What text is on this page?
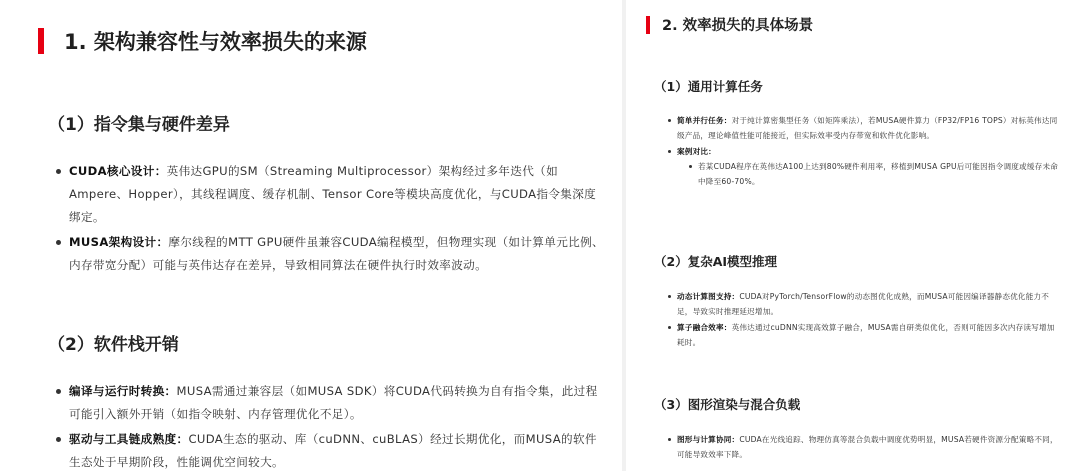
1. 架构兼容性与效率损失的来源
（1）指令集与硬件差异
CUDA核心设计：英伟达GPU的SM（Streaming Multiprocessor）架构经过多年迭代（如Ampere、Hopper），其线程调度、缓存机制、Tensor Core等模块高度优化，与CUDA指令集深度绑定。
MUSA架构设计：摩尔线程的MTT GPU硬件虽兼容CUDA编程模型，但物理实现（如计算单元比例、内存带宽分配）可能与英伟达存在差异，导致相同算法在硬件执行时效率波动。
（2）软件栈开销
编译与运行时转换：MUSA需通过兼容层（如MUSA SDK）将CUDA代码转换为自有指令集，此过程可能引入额外开销（如指令映射、内存管理优化不足）。
驱动与工具链成熟度：CUDA生态的驱动、库（cuDNN、cuBLAS）经过长期优化，而MUSA的软件生态处于早期阶段，性能调优空间较大。
2. 效率损失的具体场景
（1）通用计算任务
简单并行任务：对于纯计算密集型任务（如矩阵乘法），若MUSA硬件算力（FP32/FP16 TOPS）对标英伟达同级产品，理论峰值性能可能接近，但实际效率受内存带宽和软件优化影响。
案例对比：
若某CUDA程序在英伟达A100上达到80%硬件利用率，移植到MUSA GPU后可能因指令调度或缓存未命中降至60-70%。
（2）复杂AI模型推理
动态计算图支持：CUDA对PyTorch/TensorFlow的动态图优化成熟，而MUSA可能因编译器静态优化能力不足，导致实时推理延迟增加。
算子融合效率：英伟达通过cuDNN实现高效算子融合，MUSA需自研类似优化，否则可能因多次内存读写增加耗时。
（3）图形渲染与混合负载
图形与计算协同：CUDA在光线追踪、物理仿真等混合负载中调度优势明显，MUSA若硬件资源分配策略不同，可能导致效率下降。
